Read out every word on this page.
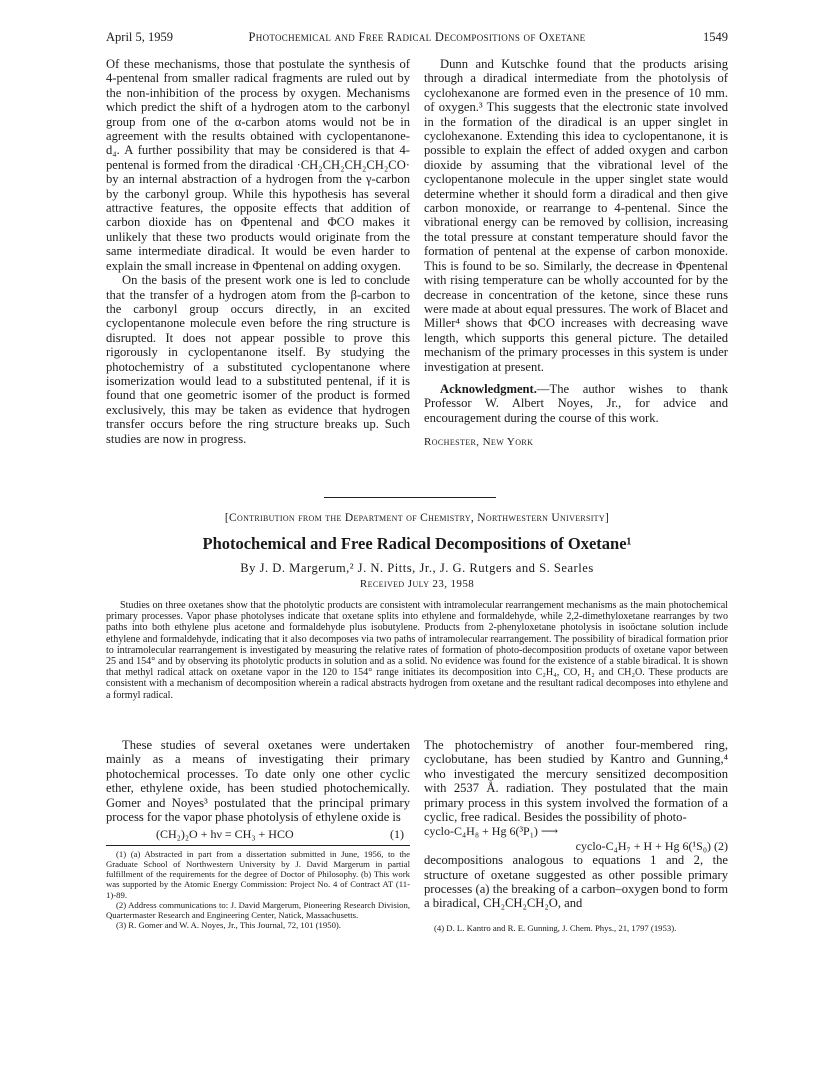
April 5, 1959	Photochemical and Free Radical Decompositions of Oxetane	1549

Of these mechanisms, those that postulate the synthesis of 4-pentenal from smaller radical fragments are ruled out by the non-inhibition of the process by oxygen. Mechanisms which predict the shift of a hydrogen atom to the carbonyl group from one of the α-carbon atoms would not be in agreement with the results obtained with cyclopentanone-d₄. A further possibility that may be considered is that 4-pentenal is formed from the diradical ·CH₂CH₂CH₂CH₂CO· by an internal abstraction of a hydrogen from the γ-carbon by the carbonyl group. While this hypothesis has several attractive features, the opposite effects that addition of carbon dioxide has on Φpentenal and ΦCO makes it unlikely that these two products would originate from the same intermediate diradical. It would be even harder to explain the small increase in Φpentenal on adding oxygen.

On the basis of the present work one is led to conclude that the transfer of a hydrogen atom from the β-carbon to the carbonyl group occurs directly, in an excited cyclopentanone molecule even before the ring structure is disrupted. It does not appear possible to prove this rigorously in cyclopentanone itself. By studying the photochemistry of a substituted cyclopentanone where isomerization would lead to a substituted pentenal, if it is found that one geometric isomer of the product is formed exclusively, this may be taken as evidence that hydrogen transfer occurs before the ring structure breaks up. Such studies are now in progress.

Dunn and Kutschke found that the products arising through a diradical intermediate from the photolysis of cyclohexanone are formed even in the presence of 10 mm. of oxygen.³ This suggests that the electronic state involved in the formation of the diradical is an upper singlet in cyclohexanone. Extending this idea to cyclopentanone, it is possible to explain the effect of added oxygen and carbon dioxide by assuming that the vibrational level of the cyclopentanone molecule in the upper singlet state would determine whether it should form a diradical and then give carbon monoxide, or rearrange to 4-pentenal. Since the vibrational energy can be removed by collision, increasing the total pressure at constant temperature should favor the formation of pentenal at the expense of carbon monoxide. This is found to be so. Similarly, the decrease in Φpentenal with rising temperature can be wholly accounted for by the decrease in concentration of the ketone, since these runs were made at about equal pressures. The work of Blacet and Miller⁴ shows that ΦCO increases with decreasing wave length, which supports this general picture. The detailed mechanism of the primary processes in this system is under investigation at present.

Acknowledgment.—The author wishes to thank Professor W. Albert Noyes, Jr., for advice and encouragement during the course of this work.

Rochester, New York

[Contribution from the Department of Chemistry, Northwestern University]
Photochemical and Free Radical Decompositions of Oxetane¹
By J. D. Margerum,² J. N. Pitts, Jr., J. G. Rutgers and S. Searles
Received July 23, 1958

Studies on three oxetanes show that the photolytic products are consistent with intramolecular rearrangement mechanisms as the main photochemical primary processes. Vapor phase photolyses indicate that oxetane splits into ethylene and formaldehyde, while 2,2-dimethyloxetane rearranges by two paths into both ethylene plus acetone and formaldehyde plus isobutylene. Products from 2-phenyloxetane photolysis in isoöctane solution include ethylene and formaldehyde, indicating that it also decomposes via two paths of intramolecular rearrangement. The possibility of biradical formation prior to intramolecular rearrangement is investigated by measuring the relative rates of formation of photo-decomposition products of oxetane vapor between 25 and 154° and by observing its photolytic products in solution and as a solid. No evidence was found for the existence of a stable biradical. It is shown that methyl radical attack on oxetane vapor in the 120 to 154° range initiates its decomposition into C₂H₄, CO, H₂ and CH₂O. These products are consistent with a mechanism of decomposition wherein a radical abstracts hydrogen from oxetane and the resultant radical decomposes into ethylene and a formyl radical.

These studies of several oxetanes were undertaken mainly as a means of investigating their primary photochemical processes. To date only one other cyclic ether, ethylene oxide, has been studied photochemically. Gomer and Noyes³ postulated that the principal primary process for the vapor phase photolysis of ethylene oxide is

(CH₂)₂O + hν = CH₃ + HCO	(1)

(1) (a) Abstracted in part from a dissertation submitted in June, 1956, to the Graduate School of Northwestern University by J. David Margerum in partial fulfillment of the requirements for the degree of Doctor of Philosophy. (b) This work was supported by the Atomic Energy Commission: Project No. 4 of Contract AT (11-1)-89.

(2) Address communications to: J. David Margerum, Pioneering Research Division, Quartermaster Research and Engineering Center, Natick, Massachusetts.

(3) R. Gomer and W. A. Noyes, Jr., This Journal, 72, 101 (1950).

The photochemistry of another four-membered ring, cyclobutane, has been studied by Kantro and Gunning,⁴ who investigated the mercury sensitized decomposition with 2537 Å. radiation. They postulated that the main primary process in this system involved the formation of a cyclic, free radical. Besides the possibility of photo-

cyclo-C₄H₈ + Hg 6(³P₁) ⟶

cyclo-C₄H₇ + H + Hg 6(¹S₀) (2)

decompositions analogous to equations 1 and 2, the structure of oxetane suggested as other possible primary processes (a) the breaking of a carbon–oxygen bond to form a biradical, CH₂CH₂CH₂O, and

(4) D. L. Kantro and R. E. Gunning, J. Chem. Phys., 21, 1797 (1953).
